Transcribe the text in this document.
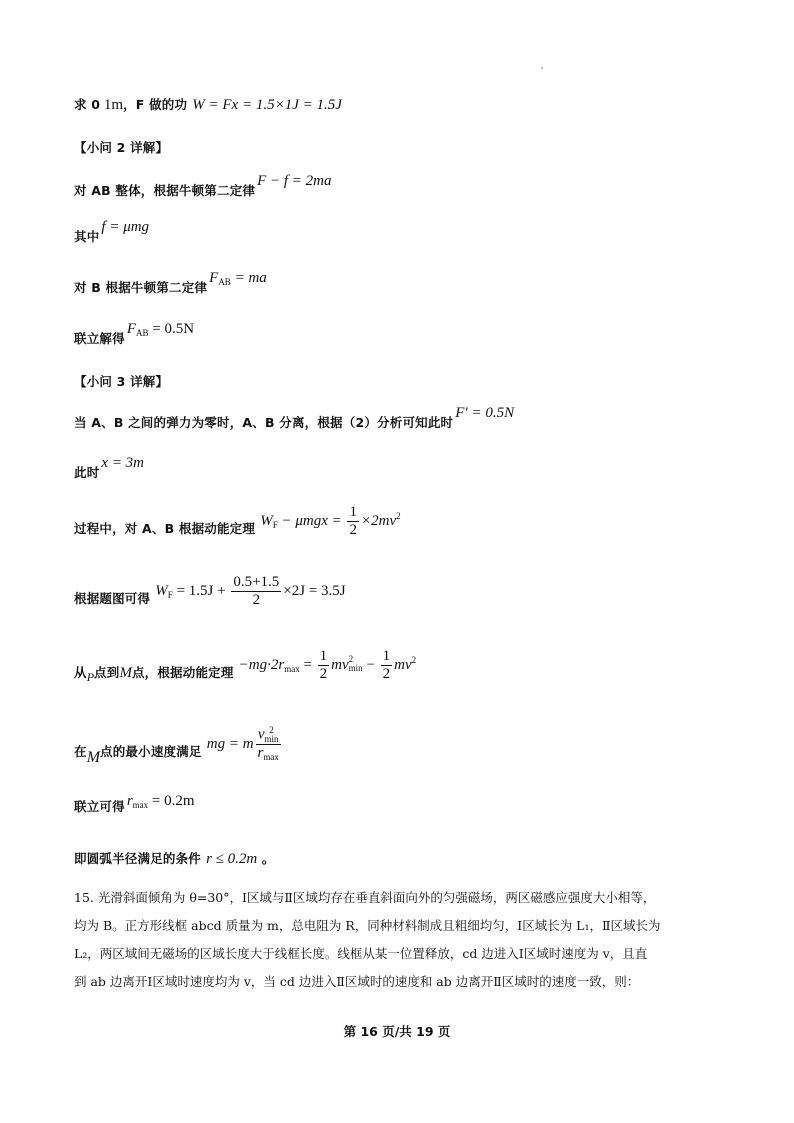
求 0 1m，F 做的功 W = Fx = 1.5×1J = 1.5J
【小问 2 详解】
对 AB 整体，根据牛顿第二定律F − f = 2ma
其中f = μmg
对 B 根据牛顿第二定律$F_{AB}$ = ma
联立解得$F_{AB} = 0.5N$
【小问 3 详解】
当 A、B 之间的弹力为零时，A、B 分离，根据（2）分析可知此时F′ = 0.5N
此时x = 3m
过程中，对 A、B 根据动能定理 $W_F - \mu mgx = \frac{1}{2} \times 2mv^2$
根据题图可得 $W_F = 1.5J + \frac{0.5+1.5}{2} \times 2J = 3.5J$
从$_P$点到M点，根据动能定理 $-mg\cdot 2r_{max} = \frac{1}{2}$ mv 2
$\min - \frac{1}{2} mv^2$
在M点的最小速度满足 mg = m v 2
min
$r_{max}$
联立可得 $r_{max} = 0.2m$
即圆弧半径满足的条件 r ≤ 0.2m 。
15. 光滑斜面倾角为 θ=30°，Ⅰ区域与Ⅱ区域均存在垂直斜面向外的匀强磁场，两区磁感应强度大小相等，
均为 B。正方形线框 abcd 质量为 m，总电阻为 R，同种材料制成且粗细均匀，Ⅰ区域长为 L₁，Ⅱ区域长为
L₂，两区域间无磁场的区域长度大于线框长度。线框从某一位置释放，cd 边进入Ⅰ区域时速度为 v，且直
到 ab 边离开Ⅰ区域时速度均为 v，当 cd 边进入Ⅱ区域时的速度和 ab 边离开Ⅱ区域时的速度一致，则：
第 16 页/共 19 页
